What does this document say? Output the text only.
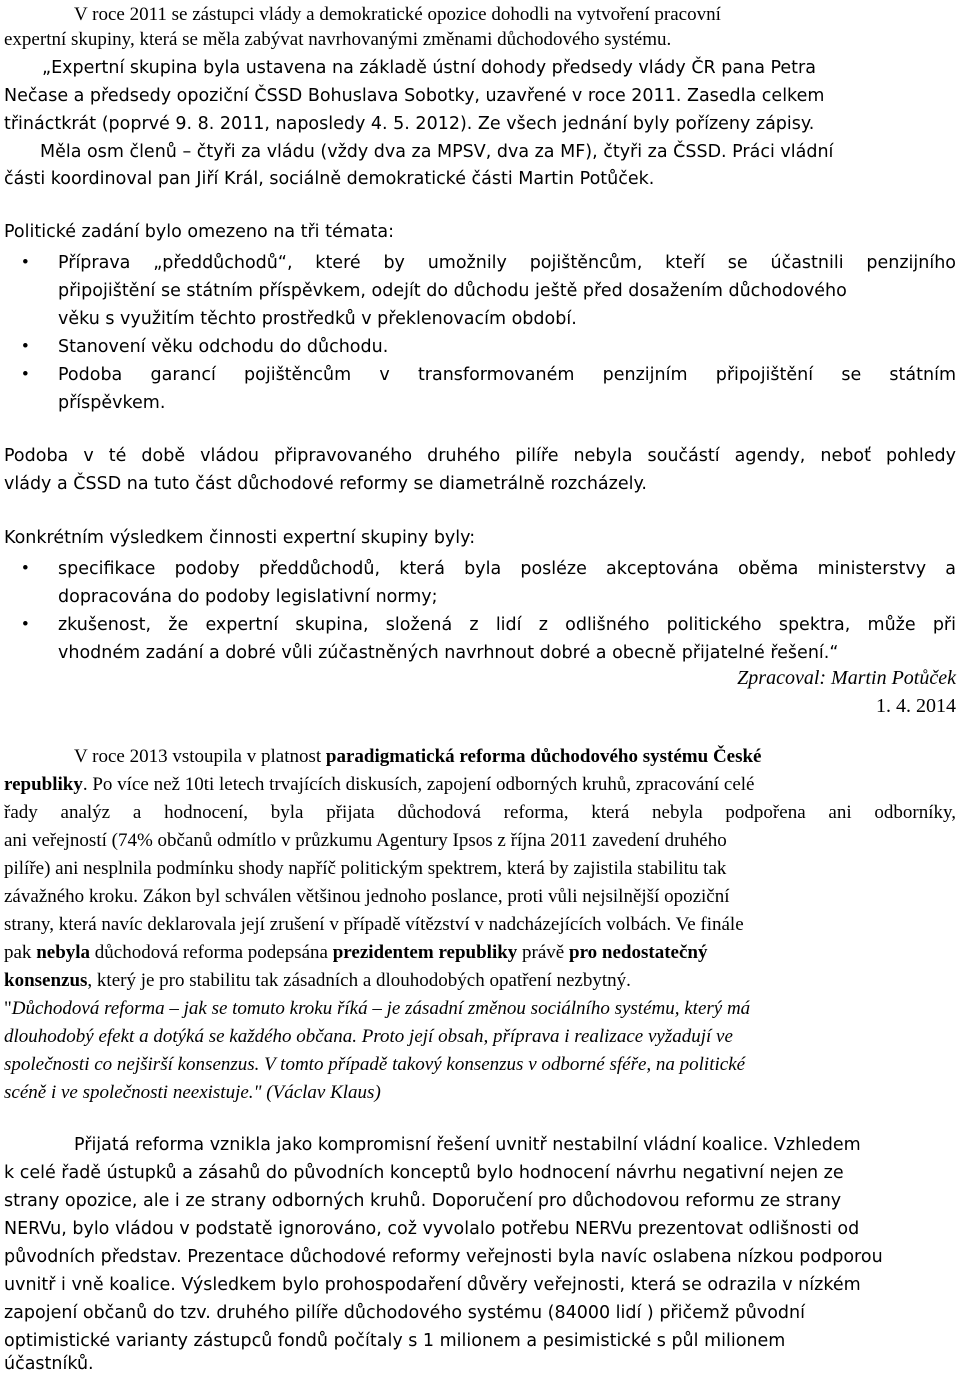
V roce 2011 se zástupci vlády a demokratické opozice dohodli na vytvoření pracovní
expertní skupiny, která se měla zabývat navrhovanými změnami důchodového systému.
„Expertní skupina byla ustavena na základě ústní dohody předsedy vlády ČR pana Petra
Nečase a předsedy opoziční ČSSD Bohuslava Sobotky, uzavřené v roce 2011. Zasedla celkem
třináctkrát (poprvé 9. 8. 2011, naposledy 4. 5. 2012). Ze všech jednání byly pořízeny zápisy.
Měla osm členů – čtyři za vládu (vždy dva za MPSV, dva za MF), čtyři za ČSSD. Práci vládní
části koordinoval pan Jiří Král, sociálně demokratické části Martin Potůček.
Politické zadání bylo omezeno na tři témata:
•	Příprava „předdůchodů“, které by umožnily pojištěncům, kteří se účastnili penzijního
připojištění se státním příspěvkem, odejít do důchodu ještě před dosažením důchodového
věku s využitím těchto prostředků v překlenovacím období.
•	Stanovení věku odchodu do důchodu.
•	Podoba garancí pojištěncům v transformovaném penzijním připojištění se státním
příspěvkem.
Podoba v té době vládou připravovaného druhého pilíře nebyla součástí agendy, neboť pohledy
vlády a ČSSD na tuto část důchodové reformy se diametrálně rozcházely.
Konkrétním výsledkem činnosti expertní skupiny byly:
•	specifikace podoby předdůchodů, která byla posléze akceptována oběma ministerstvy a
dopracována do podoby legislativní normy;
•	zkušenost, že expertní skupina, složená z lidí z odlišného politického spektra, může při
vhodném zadání a dobré vůli zúčastněných navrhnout dobré a obecně přijatelné řešení.“
Zpracoval: Martin Potůček
1. 4. 2014
V roce 2013 vstoupila v platnost paradigmatická reforma důchodového systému České
republiky. Po více než 10ti letech trvajících diskusích, zapojení odborných kruhů, zpracování celé
řady analýz a hodnocení, byla přijata důchodová reforma, která nebyla podpořena ani odborníky,
ani veřejností (74% občanů odmítlo v průzkumu Agentury Ipsos z října 2011 zavedení druhého
pilíře) ani nesplnila podmínku shody napříč politickým spektrem, která by zajistila stabilitu tak
závažného kroku. Zákon byl schválen většinou jednoho poslance, proti vůli nejsilnější opoziční
strany, která navíc deklarovala její zrušení v případě vítězství v nadcházejících volbách. Ve finále
pak nebyla důchodová reforma podepsána prezidentem republiky právě pro nedostatečný
konsenzus, který je pro stabilitu tak zásadních a dlouhodobých opatření nezbytný.
"Důchodová reforma – jak se tomuto kroku říká – je zásadní změnou sociálního systému, který má
dlouhodobý efekt a dotýká se každého občana. Proto její obsah, příprava i realizace vyžadují ve
společnosti co nejširší konsenzus. V tomto případě takový konsenzus v odborné sféře, na politické
scéně i ve společnosti neexistuje." (Václav Klaus)
Přijatá reforma vznikla jako kompromisní řešení uvnitř nestabilní vládní koalice. Vzhledem
k celé řadě ústupků a zásahů do původních konceptů bylo hodnocení návrhu negativní nejen ze
strany opozice, ale i ze strany odborných kruhů. Doporučení pro důchodovou reformu ze strany
NERVu, bylo vládou v podstatě ignorováno, což vyvolalo potřebu NERVu prezentovat odlišnosti od
původních představ. Prezentace důchodové reformy veřejnosti byla navíc oslabena nízkou podporou
uvnitř i vně koalice. Výsledkem bylo prohospodaření důvěry veřejnosti, která se odrazila v nízkém
zapojení občanů do tzv. druhého pilíře důchodového systému (84000 lidí ) přičemž původní
optimistické varianty zástupců fondů počítaly s 1 milionem a pesimistické s půl milionem
účastníků.
